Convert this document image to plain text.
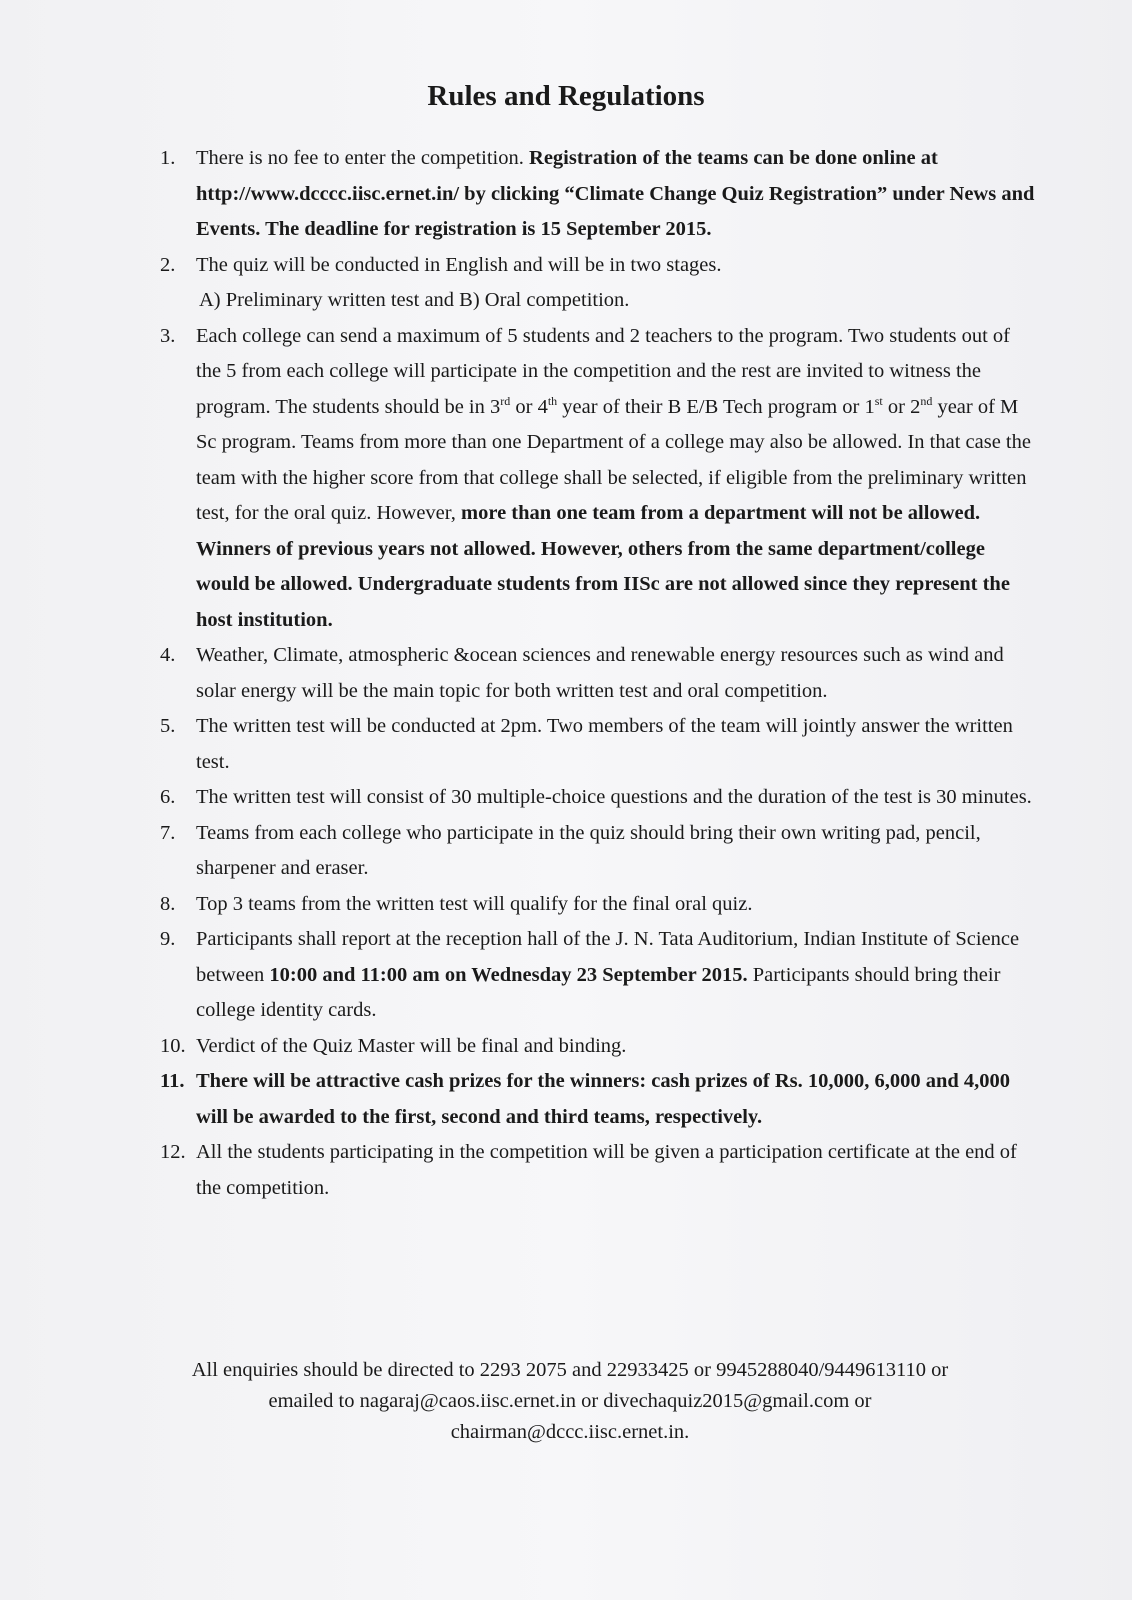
Rules and Regulations
1. There is no fee to enter the competition. Registration of the teams can be done online at http://www.dcccc.iisc.ernet.in/ by clicking “Climate Change Quiz Registration” under News and Events. The deadline for registration is 15 September 2015.
2. The quiz will be conducted in English and will be in two stages.
A) Preliminary written test and B) Oral competition.
3. Each college can send a maximum of 5 students and 2 teachers to the program. Two students out of the 5 from each college will participate in the competition and the rest are invited to witness the program. The students should be in 3rd or 4th year of their B E/B Tech program or 1st or 2nd year of M Sc program. Teams from more than one Department of a college may also be allowed. In that case the team with the higher score from that college shall be selected, if eligible from the preliminary written test, for the oral quiz. However, more than one team from a department will not be allowed. Winners of previous years not allowed. However, others from the same department/college would be allowed. Undergraduate students from IISc are not allowed since they represent the host institution.
4. Weather, Climate, atmospheric &ocean sciences and renewable energy resources such as wind and solar energy will be the main topic for both written test and oral competition.
5. The written test will be conducted at 2pm. Two members of the team will jointly answer the written test.
6. The written test will consist of 30 multiple-choice questions and the duration of the test is 30 minutes.
7. Teams from each college who participate in the quiz should bring their own writing pad, pencil, sharpener and eraser.
8. Top 3 teams from the written test will qualify for the final oral quiz.
9. Participants shall report at the reception hall of the J. N. Tata Auditorium, Indian Institute of Science between 10:00 and 11:00 am on Wednesday 23 September 2015. Participants should bring their college identity cards.
10. Verdict of the Quiz Master will be final and binding.
11. There will be attractive cash prizes for the winners: cash prizes of Rs. 10,000, 6,000 and 4,000 will be awarded to the first, second and third teams, respectively.
12. All the students participating in the competition will be given a participation certificate at the end of the competition.

All enquiries should be directed to 2293 2075 and 22933425 or 9945288040/9449613110 or
emailed to nagaraj@caos.iisc.ernet.in or divechaquiz2015@gmail.com or
chairman@dccc.iisc.ernet.in.
